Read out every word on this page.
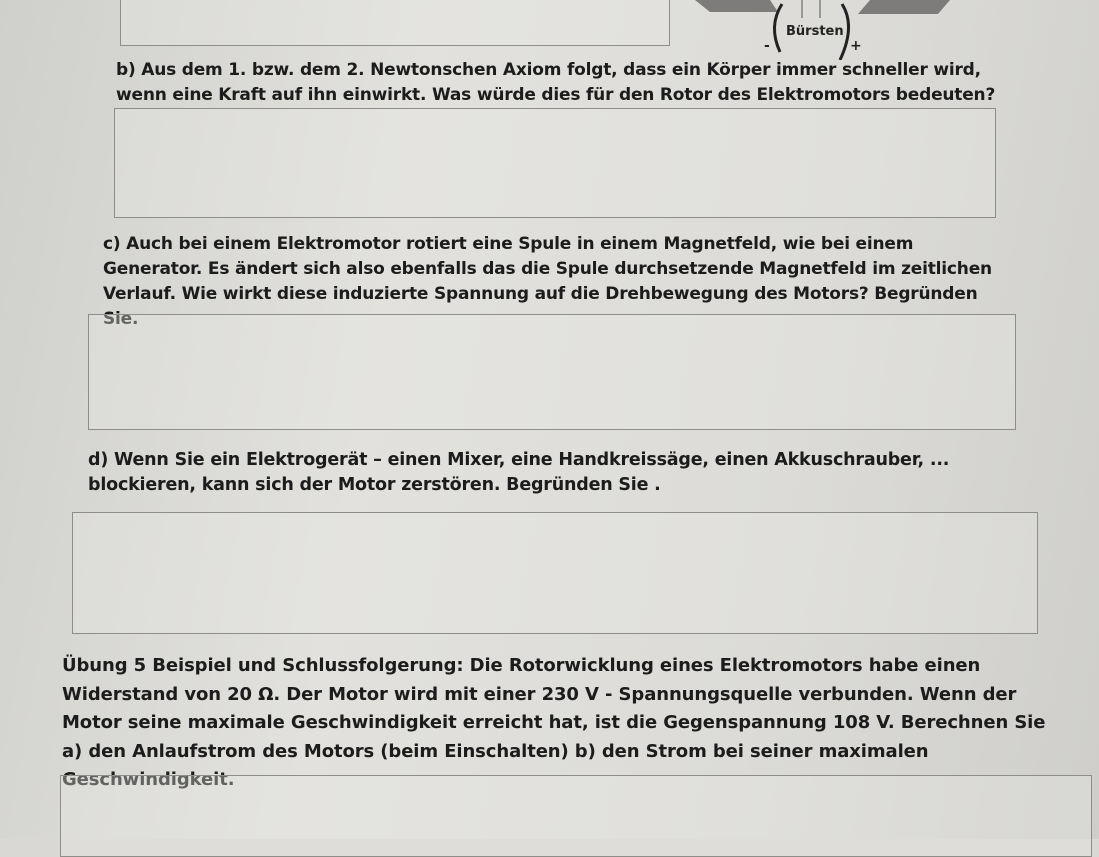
Bürsten
-	+
b) Aus dem 1. bzw. dem 2. Newtonschen Axiom folgt, dass ein Körper immer schneller wird, wenn eine Kraft auf ihn einwirkt. Was würde dies für den Rotor des Elektromotors bedeuten?
c) Auch bei einem Elektromotor rotiert eine Spule in einem Magnetfeld, wie bei einem Generator. Es ändert sich also ebenfalls das die Spule durchsetzende Magnetfeld im zeitlichen Verlauf. Wie wirkt diese induzierte Spannung auf die Drehbewegung des Motors? Begründen Sie.
d) Wenn Sie ein Elektrogerät – einen Mixer, eine Handkreissäge, einen Akkuschrauber, ... blockieren, kann sich der Motor zerstören. Begründen Sie .
Übung 5 Beispiel und Schlussfolgerung: Die Rotorwicklung eines Elektromotors habe einen Widerstand von 20 Ω. Der Motor wird mit einer 230 V - Spannungsquelle verbunden. Wenn der Motor seine maximale Geschwindigkeit erreicht hat, ist die Gegenspannung 108 V. Berechnen Sie a) den Anlaufstrom des Motors (beim Einschalten) b) den Strom bei seiner maximalen Geschwindigkeit.
